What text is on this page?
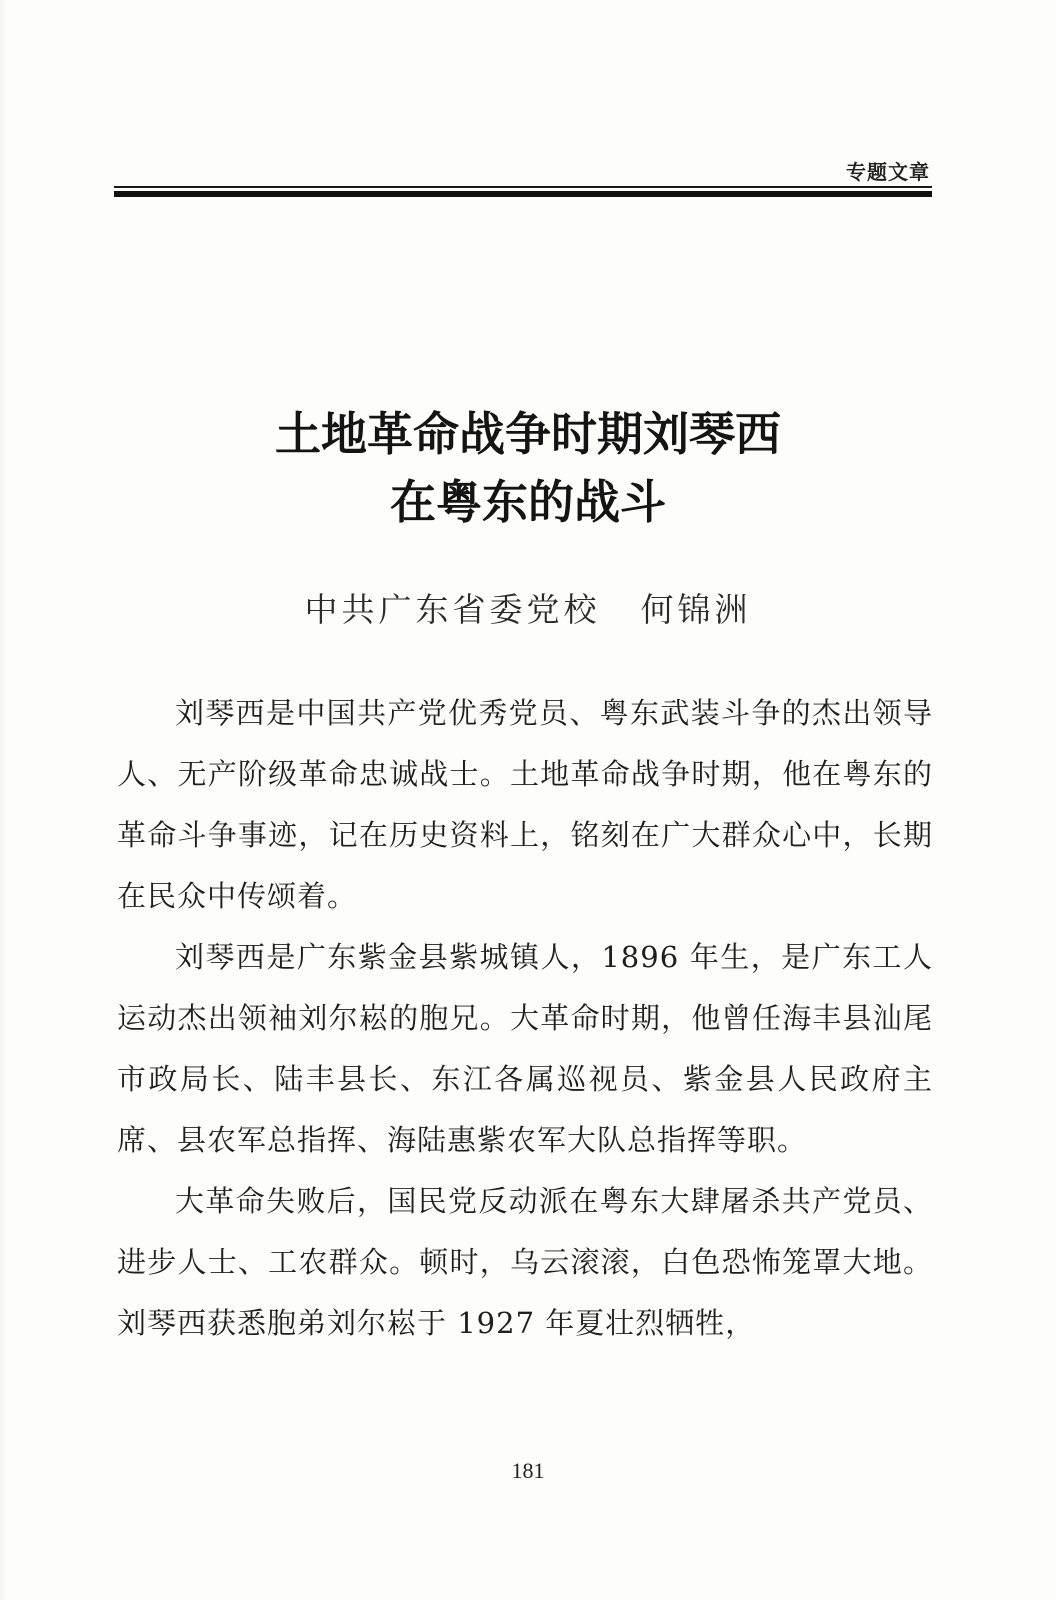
专题文章
土地革命战争时期刘琴西
在粤东的战斗
中共广东省委党校 何锦洲

刘琴西是中国共产党优秀党员、粤东武装斗争的杰出领导人、无产阶级革命忠诚战士。土地革命战争时期，他在粤东的革命斗争事迹，记在历史资料上，铭刻在广大群众心中，长期在民众中传颂着。

刘琴西是广东紫金县紫城镇人，1896 年生，是广东工人运动杰出领袖刘尔崧的胞兄。大革命时期，他曾任海丰县汕尾市政局长、陆丰县长、东江各属巡视员、紫金县人民政府主席、县农军总指挥、海陆惠紫农军大队总指挥等职。

大革命失败后，国民党反动派在粤东大肆屠杀共产党员、进步人士、工农群众。顿时，乌云滚滚，白色恐怖笼罩大地。刘琴西获悉胞弟刘尔崧于 1927 年夏壮烈牺牲，

181
